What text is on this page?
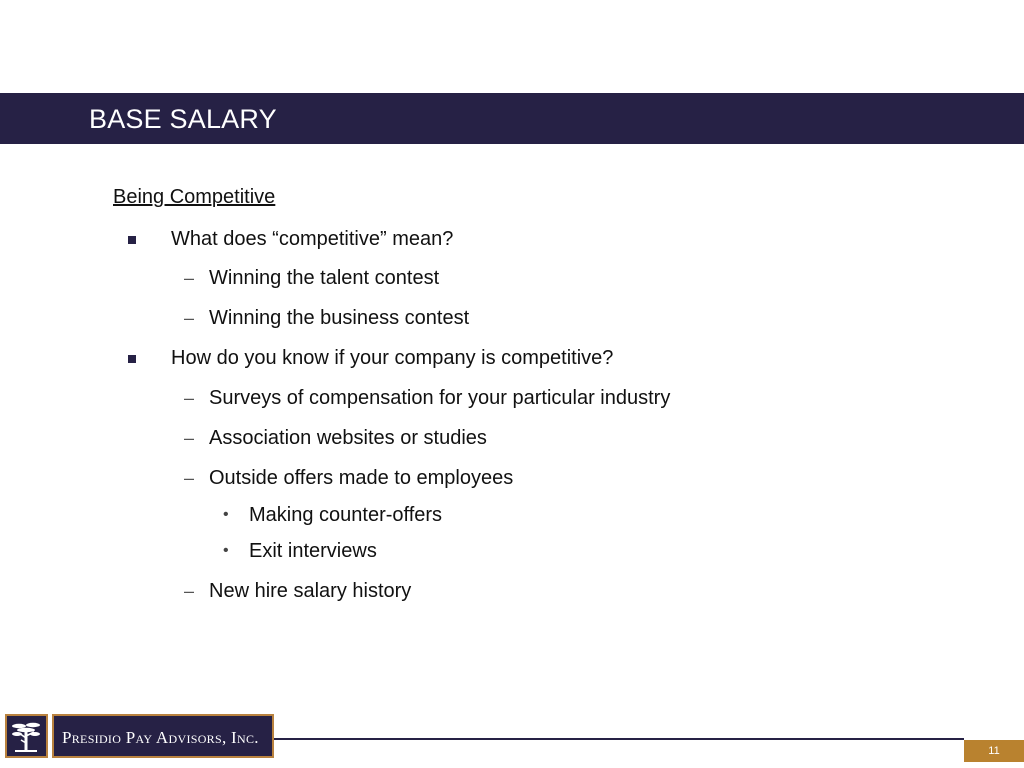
BASE SALARY
Being Competitive
What does “competitive” mean?
– Winning the talent contest
– Winning the business contest
How do you know if your company is competitive?
– Surveys of compensation for your particular industry
– Association websites or studies
– Outside offers made to employees
• Making counter-offers
• Exit interviews
– New hire salary history
Presidio Pay Advisors, Inc.
11
